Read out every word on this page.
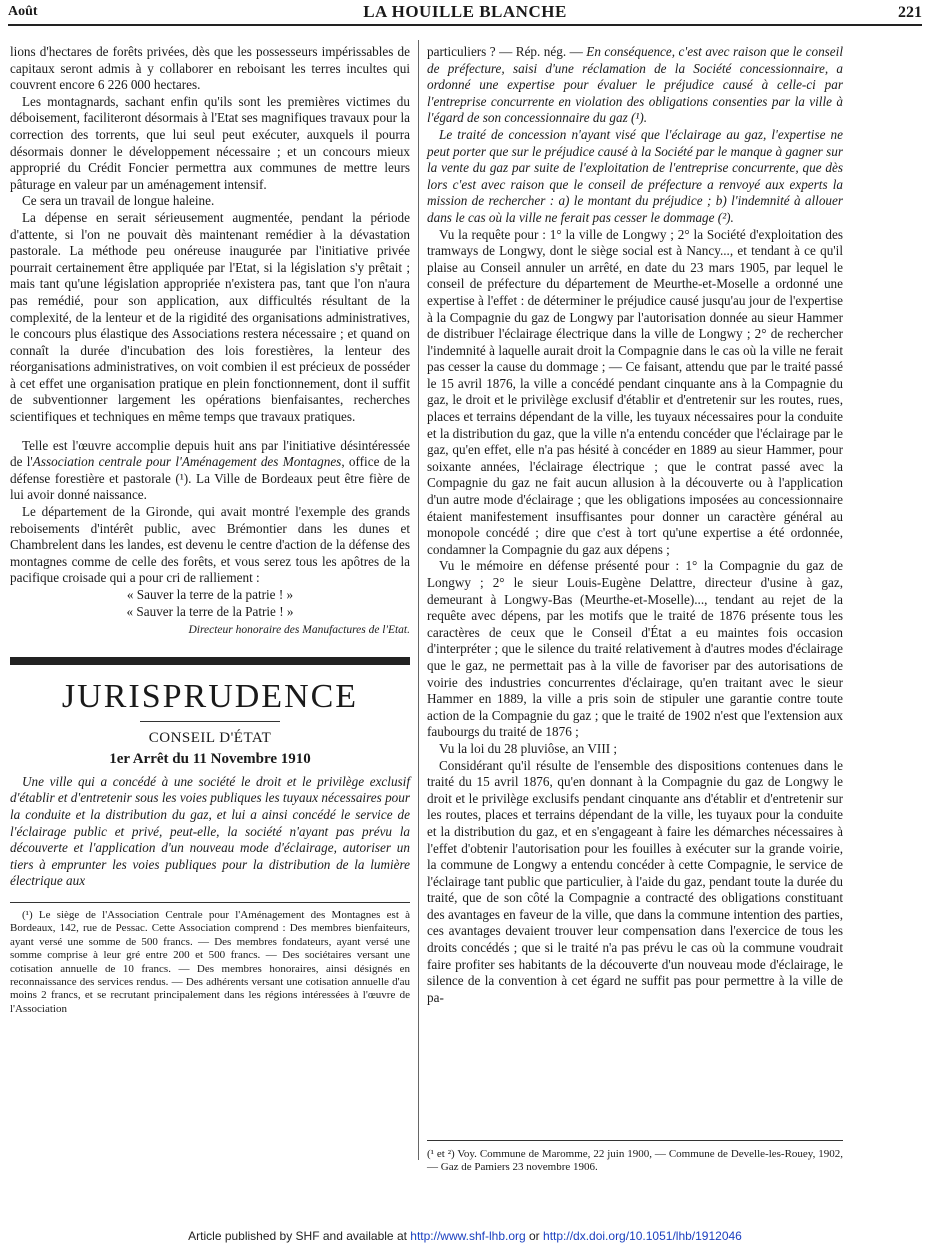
Août	LA HOUILLE BLANCHE	221

lions d'hectares de forêts privées, dès que les possesseurs impérissables de capitaux seront admis à y collaborer en reboisant les terres incultes qui couvrent encore 6 226 000 hectares.

Les montagnards, sachant enfin qu'ils sont les premières victimes du déboisement, faciliteront désormais à l'Etat ses magnifiques travaux pour la correction des torrents, que lui seul peut exécuter, auxquels il pourra désormais donner le développement nécessaire ; et un concours mieux approprié du Crédit Foncier permettra aux communes de mettre leurs pâturage en valeur par un aménagement intensif.

Ce sera un travail de longue haleine.

La dépense en serait sérieusement augmentée, pendant la période d'attente, si l'on ne pouvait dès maintenant remédier à la dévastation pastorale. La méthode peu onéreuse inaugurée par l'initiative privée pourrait certainement être appliquée par l'Etat, si la législation s'y prêtait ; mais tant qu'une législation appropriée n'existera pas, tant que l'on n'aura pas remédié, pour son application, aux difficultés résultant de la complexité, de la lenteur et de la rigidité des organisations administratives, le concours plus élastique des Associations restera nécessaire ; et quand on connaît la durée d'incubation des lois forestières, la lenteur des réorganisations administratives, on voit combien il est précieux de posséder à cet effet une organisation pratique en plein fonctionnement, dont il suffit de subventionner largement les opérations bienfaisantes, recherches scientifiques et techniques en même temps que travaux pratiques.

Telle est l'œuvre accomplie depuis huit ans par l'initiative désintéressée de l'Association centrale pour l'Aménagement des Montagnes, office de la défense forestière et pastorale (¹). La Ville de Bordeaux peut être fière de lui avoir donné naissance.

Le département de la Gironde, qui avait montré l'exemple des grands reboisements d'intérêt public, avec Brémontier dans les dunes et Chambrelent dans les landes, est devenu le centre d'action de la défense des montagnes comme de celle des forêts, et vous serez tous les apôtres de la pacifique croisade qui a pour cri de ralliement :

« Sauver la terre de la patrie ! »

« Sauver la terre de la Patrie ! »

Directeur honoraire des Manufactures de l'Etat.

JURISPRUDENCE
CONSEIL D'ÉTAT
1er Arrêt du 11 Novembre 1910

Une ville qui a concédé à une société le droit et le privilège exclusif d'établir et d'entretenir sous les voies publiques les tuyaux nécessaires pour la conduite et la distribution du gaz, et lui a ainsi concédé le service de l'éclairage public et privé, peut-elle, la société n'ayant pas prévu la découverte et l'application d'un nouveau mode d'éclairage, autoriser un tiers à emprunter les voies publiques pour la distribution de la lumière électrique aux

(¹) Le siège de l'Association Centrale pour l'Aménagement des Montagnes est à Bordeaux, 142, rue de Pessac. Cette Association comprend : Des membres bienfaiteurs, ayant versé une somme de 500 francs. — Des membres fondateurs, ayant versé une somme comprise à leur gré entre 200 et 500 francs. — Des sociétaires versant une cotisation annuelle de 10 francs. — Des membres honoraires, ainsi désignés en reconnaissance des services rendus. — Des adhérents versant une cotisation annuelle d'au moins 2 francs, et se recrutant principalement dans les régions intéressées à l'œuvre de l'Association

particuliers ? — Rép. nég. — En conséquence, c'est avec raison que le conseil de préfecture, saisi d'une réclamation de la Société concessionnaire, a ordonné une expertise pour évaluer le préjudice causé à celle-ci par l'entreprise concurrente en violation des obligations consenties par la ville à l'égard de son concessionnaire du gaz (¹).

Le traité de concession n'ayant visé que l'éclairage au gaz, l'expertise ne peut porter que sur le préjudice causé à la Société par le manque à gagner sur la vente du gaz par suite de l'exploitation de l'entreprise concurrente, que dès lors c'est avec raison que le conseil de préfecture a renvoyé aux experts la mission de rechercher : a) le montant du préjudice ; b) l'indemnité à allouer dans le cas où la ville ne ferait pas cesser le dommage (²).

Vu la requête pour : 1° la ville de Longwy ; 2° la Société d'exploitation des tramways de Longwy, dont le siège social est à Nancy..., et tendant à ce qu'il plaise au Conseil annuler un arrêté, en date du 23 mars 1905, par lequel le conseil de préfecture du département de Meurthe-et-Moselle a ordonné une expertise à l'effet : de déterminer le préjudice causé jusqu'au jour de l'expertise à la Compagnie du gaz de Longwy par l'autorisation donnée au sieur Hammer de distribuer l'éclairage électrique dans la ville de Longwy ; 2° de rechercher l'indemnité à laquelle aurait droit la Compagnie dans le cas où la ville ne ferait pas cesser la cause du dommage ; — Ce faisant, attendu que par le traité passé le 15 avril 1876, la ville a concédé pendant cinquante ans à la Compagnie du gaz, le droit et le privilège exclusif d'établir et d'entretenir sur les routes, rues, places et terrains dépendant de la ville, les tuyaux nécessaires pour la conduite et la distribution du gaz, que la ville n'a entendu concéder que l'éclairage par le gaz, qu'en effet, elle n'a pas hésité à concéder en 1889 au sieur Hammer, pour soixante années, l'éclairage électrique ; que le contrat passé avec la Compagnie du gaz ne fait aucun allusion à la découverte ou à l'application d'un autre mode d'éclairage ; que les obligations imposées au concessionnaire étaient manifestement insuffisantes pour donner un caractère général au monopole concédé ; dire que c'est à tort qu'une expertise a été ordonnée, condamner la Compagnie du gaz aux dépens ;

Vu le mémoire en défense présenté pour : 1° la Compagnie du gaz de Longwy ; 2° le sieur Louis-Eugène Delattre, directeur d'usine à gaz, demeurant à Longwy-Bas (Meurthe-et-Moselle)..., tendant au rejet de la requête avec dépens, par les motifs que le traité de 1876 présente tous les caractères de ceux que le Conseil d'État a eu maintes fois occasion d'interpréter ; que le silence du traité relativement à d'autres modes d'éclairage que le gaz, ne permettait pas à la ville de favoriser par des autorisations de voirie des industries concurrentes d'éclairage, qu'en traitant avec le sieur Hammer en 1889, la ville a pris soin de stipuler une garantie contre toute action de la Compagnie du gaz ; que le traité de 1902 n'est que l'extension aux faubourgs du traité de 1876 ;

Vu la loi du 28 pluviôse, an VIII ;

Considérant qu'il résulte de l'ensemble des dispositions contenues dans le traité du 15 avril 1876, qu'en donnant à la Compagnie du gaz de Longwy le droit et le privilège exclusifs pendant cinquante ans d'établir et d'entretenir sur les routes, places et terrains dépendant de la ville, les tuyaux pour la conduite et la distribution du gaz, et en s'engageant à faire les démarches nécessaires à l'effet d'obtenir l'autorisation pour les fouilles à exécuter sur la grande voirie, la commune de Longwy a entendu concéder à cette Compagnie, le service de l'éclairage tant public que particulier, à l'aide du gaz, pendant toute la durée du traité, que de son côté la Compagnie a contracté des obligations constituant des avantages en faveur de la ville, que dans la commune intention des parties, ces avantages devaient trouver leur compensation dans l'exercice de tous les droits concédés ; que si le traité n'a pas prévu le cas où la commune voudrait faire profiter ses habitants de la découverte d'un nouveau mode d'éclairage, le silence de la convention à cet égard ne suffit pas pour permettre à la ville de pa-

(¹ et ²) Voy. Commune de Maromme, 22 juin 1900, — Commune de Develle-les-Rouey, 1902, — Gaz de Pamiers 23 novembre 1906.
Article published by SHF and available at http://www.shf-lhb.org or http://dx.doi.org/10.1051/lhb/1912046
